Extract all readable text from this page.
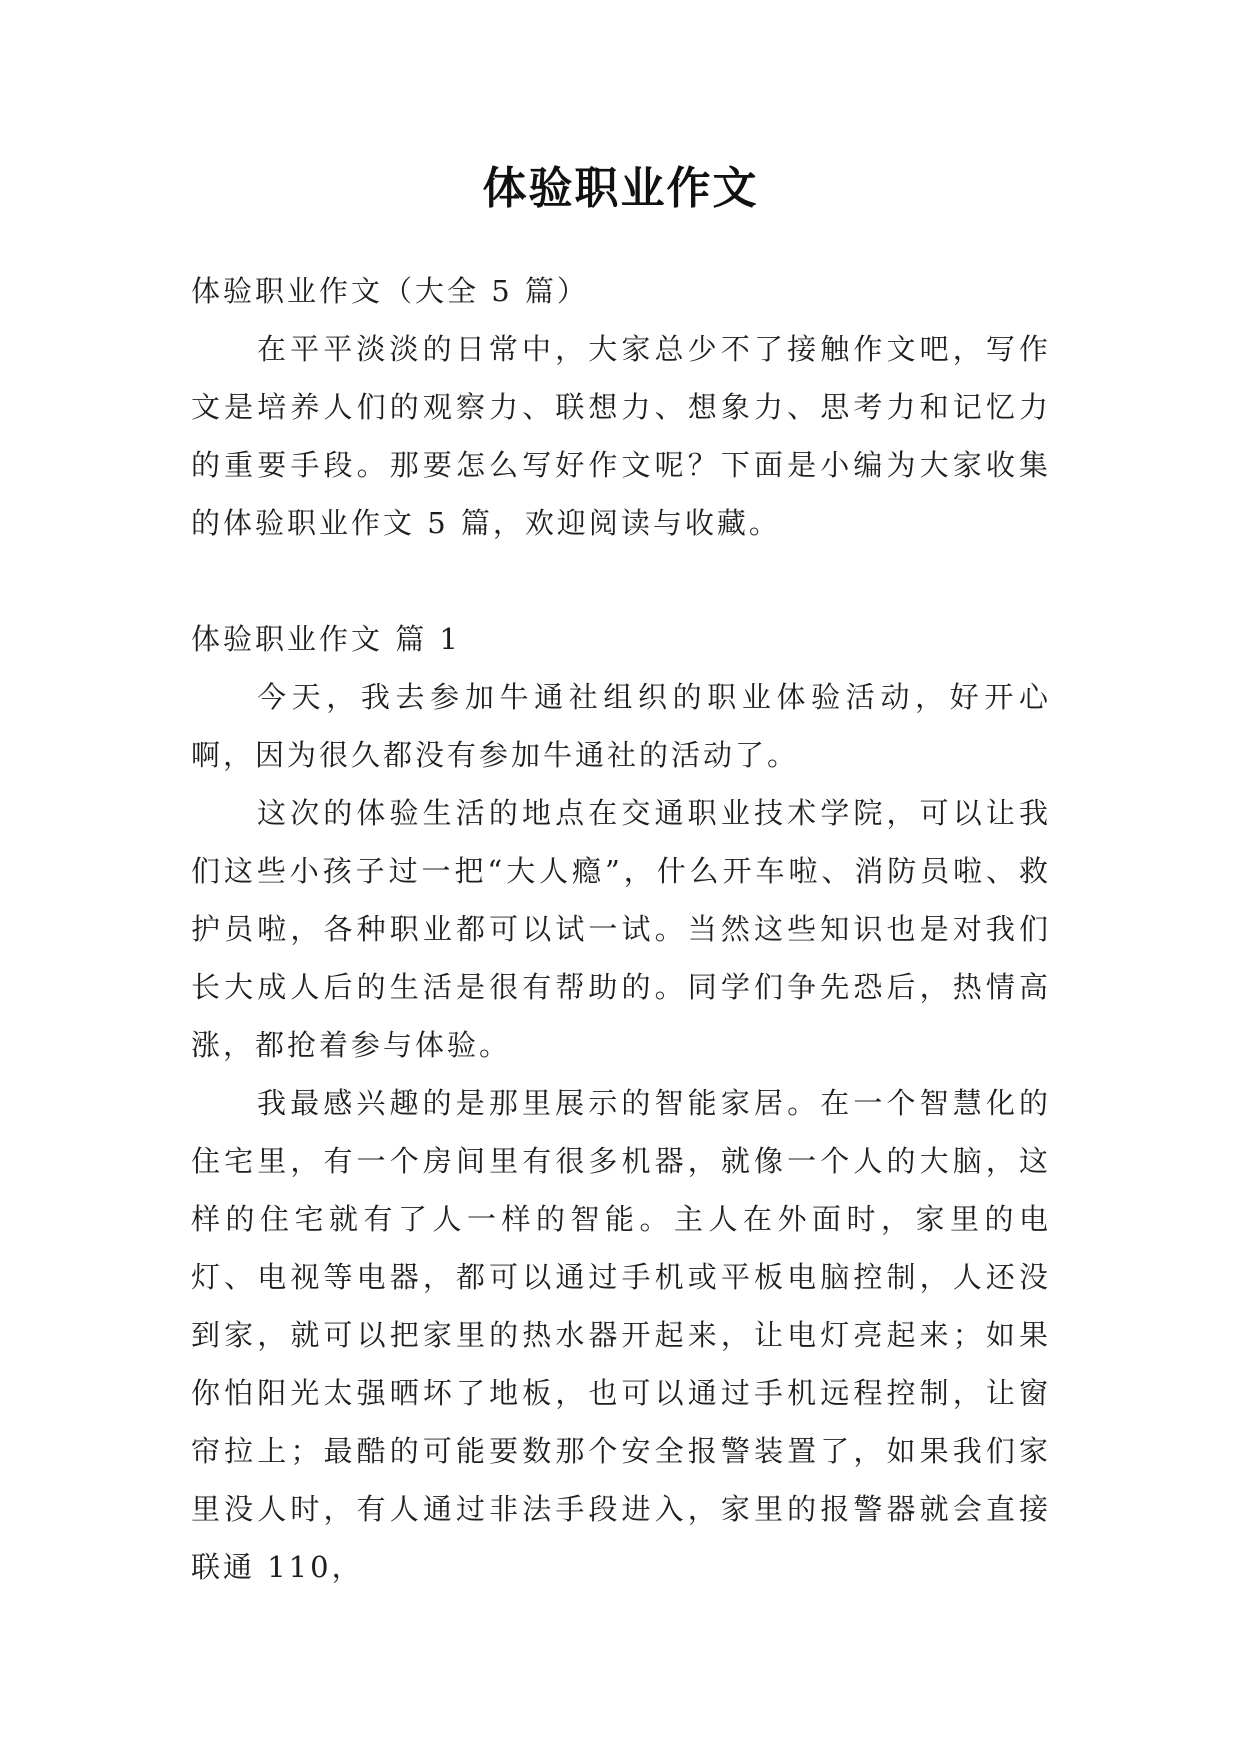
体验职业作文

体验职业作文（大全 5 篇）

在平平淡淡的日常中，大家总少不了接触作文吧，写作文是培养人们的观察力、联想力、想象力、思考力和记忆力的重要手段。那要怎么写好作文呢？下面是小编为大家收集的体验职业作文 5 篇，欢迎阅读与收藏。

体验职业作文 篇 1

今天，我去参加牛通社组织的职业体验活动，好开心啊，因为很久都没有参加牛通社的活动了。

这次的体验生活的地点在交通职业技术学院，可以让我们这些小孩子过一把“大人瘾”，什么开车啦、消防员啦、救护员啦，各种职业都可以试一试。当然这些知识也是对我们长大成人后的生活是很有帮助的。同学们争先恐后，热情高涨，都抢着参与体验。

我最感兴趣的是那里展示的智能家居。在一个智慧化的住宅里，有一个房间里有很多机器，就像一个人的大脑，这样的住宅就有了人一样的智能。主人在外面时，家里的电灯、电视等电器，都可以通过手机或平板电脑控制，人还没到家，就可以把家里的热水器开起来，让电灯亮起来；如果你怕阳光太强晒坏了地板，也可以通过手机远程控制，让窗帘拉上；最酷的可能要数那个安全报警装置了，如果我们家里没人时，有人通过非法手段进入，家里的报警器就会直接联通 110，
